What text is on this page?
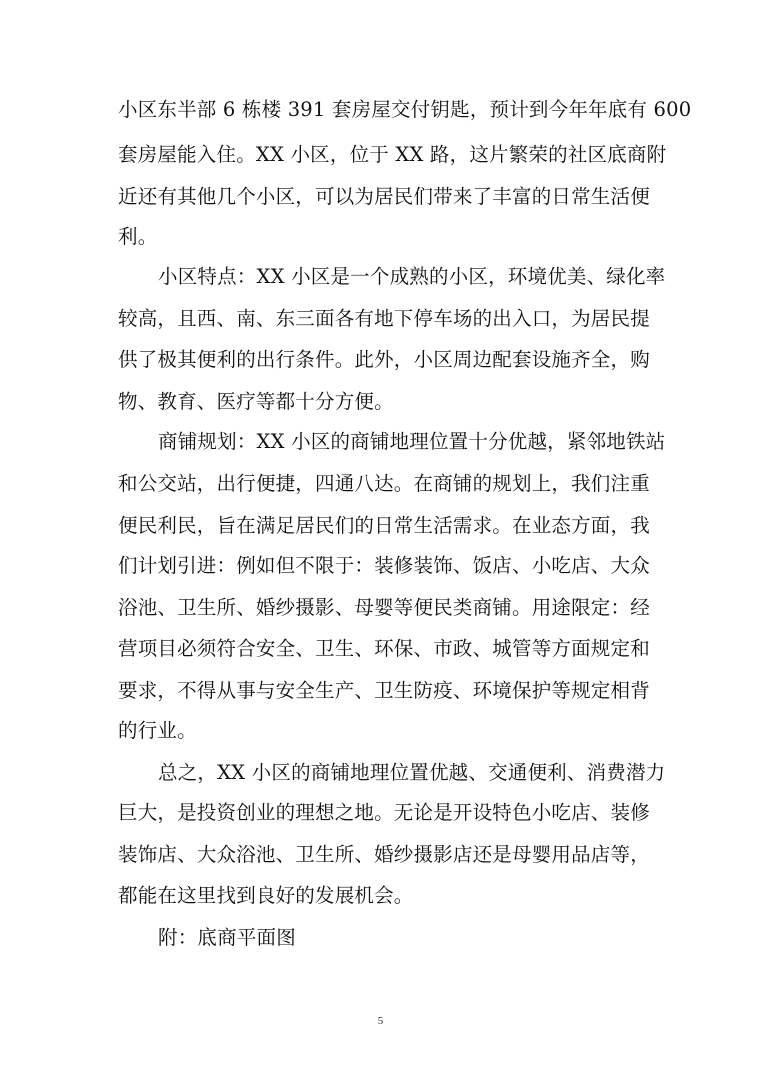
小区东半部 6 栋楼 391 套房屋交付钥匙，预计到今年年底有 600
套房屋能入住。XX 小区，位于 XX 路，这片繁荣的社区底商附
近还有其他几个小区，可以为居民们带来了丰富的日常生活便
利。
小区特点：XX 小区是一个成熟的小区，环境优美、绿化率
较高，且西、南、东三面各有地下停车场的出入口，为居民提
供了极其便利的出行条件。此外，小区周边配套设施齐全，购
物、教育、医疗等都十分方便。
商铺规划：XX 小区的商铺地理位置十分优越，紧邻地铁站
和公交站，出行便捷，四通八达。在商铺的规划上，我们注重
便民利民，旨在满足居民们的日常生活需求。在业态方面，我
们计划引进：例如但不限于：装修装饰、饭店、小吃店、大众
浴池、卫生所、婚纱摄影、母婴等便民类商铺。用途限定：经
营项目必须符合安全、卫生、环保、市政、城管等方面规定和
要求，不得从事与安全生产、卫生防疫、环境保护等规定相背
的行业。
总之，XX 小区的商铺地理位置优越、交通便利、消费潜力
巨大，是投资创业的理想之地。无论是开设特色小吃店、装修
装饰店、大众浴池、卫生所、婚纱摄影店还是母婴用品店等，
都能在这里找到良好的发展机会。
附：底商平面图
5
